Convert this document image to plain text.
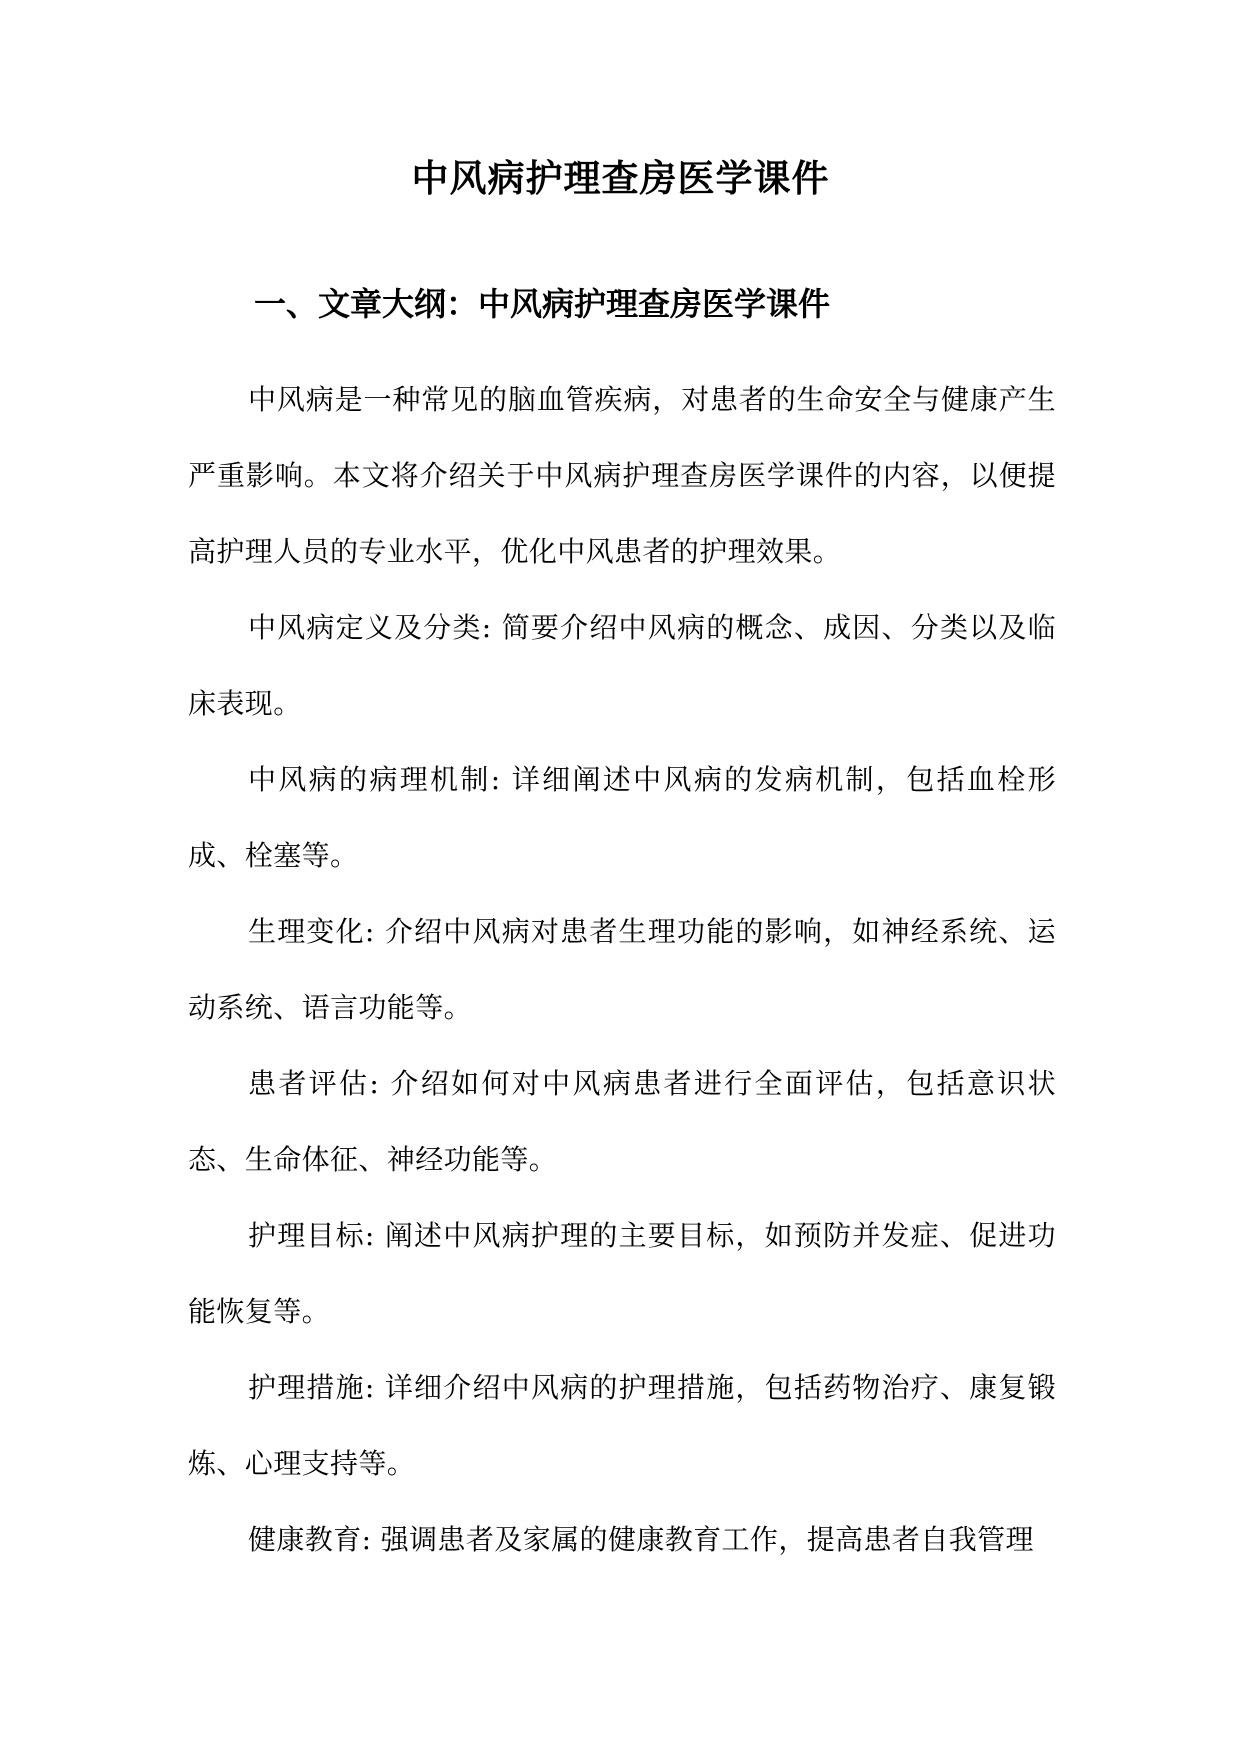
中风病护理查房医学课件
一、文章大纲：中风病护理查房医学课件

中风病是一种常见的脑血管疾病，对患者的生命安全与健康产生严重影响。本文将介绍关于中风病护理查房医学课件的内容，以便提高护理人员的专业水平，优化中风患者的护理效果。

中风病定义及分类: 简要介绍中风病的概念、成因、分类以及临床表现。

中风病的病理机制: 详细阐述中风病的发病机制，包括血栓形成、栓塞等。

生理变化: 介绍中风病对患者生理功能的影响，如神经系统、运动系统、语言功能等。

患者评估: 介绍如何对中风病患者进行全面评估，包括意识状态、生命体征、神经功能等。

护理目标: 阐述中风病护理的主要目标，如预防并发症、促进功能恢复等。

护理措施: 详细介绍中风病的护理措施，包括药物治疗、康复锻炼、心理支持等。

健康教育: 强调患者及家属的健康教育工作，提高患者自我管理
